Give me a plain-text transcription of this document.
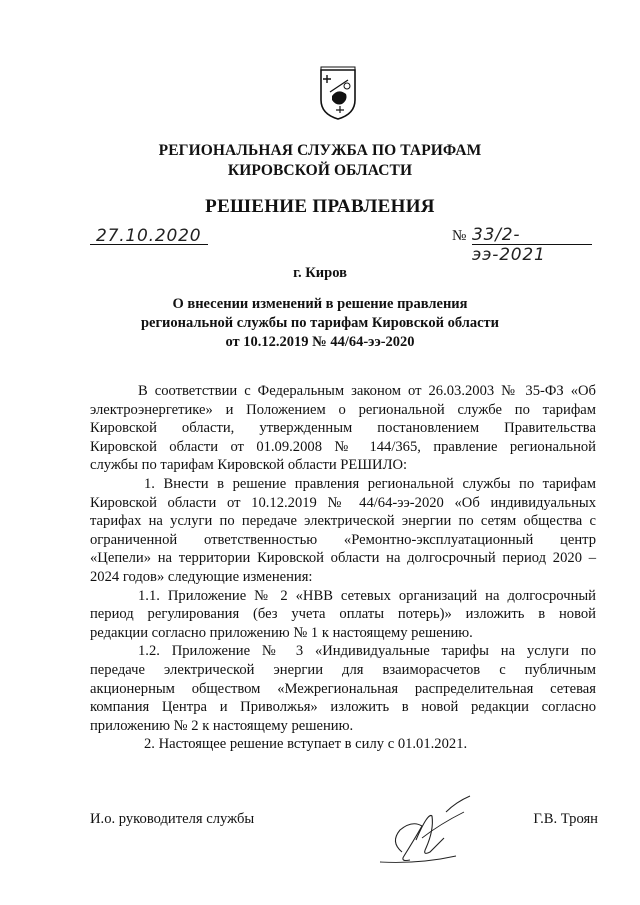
РЕГИОНАЛЬНАЯ СЛУЖБА ПО ТАРИФАМ
КИРОВСКОЙ ОБЛАСТИ
РЕШЕНИЕ ПРАВЛЕНИЯ
27.10.2020	№ 33/2-ээ-2021
г. Киров
О внесении изменений в решение правления
региональной службы по тарифам Кировской области
от 10.12.2019 № 44/64-ээ-2020

В соответствии с Федеральным законом от 26.03.2003 № 35-ФЗ «Об

электроэнергетике» и Положением о региональной службе по тарифам

Кировской области, утвержденным постановлением Правительства

Кировской области от 01.09.2008 № 144/365, правление региональной

службы по тарифам Кировской области РЕШИЛО:

1. Внести в решение правления региональной службы по тарифам

Кировской области от 10.12.2019 № 44/64-ээ-2020 «Об индивидуальных

тарифах на услуги по передаче электрической энергии по сетям общества с

ограниченной ответственностью «Ремонтно-эксплуатационный центр

«Цепели» на территории Кировской области на долгосрочный период 2020 –

2024 годов» следующие изменения:

1.1. Приложение № 2 «НВВ сетевых организаций на долгосрочный

период регулирования (без учета оплаты потерь)» изложить в новой

редакции согласно приложению № 1 к настоящему решению.

1.2. Приложение № 3 «Индивидуальные тарифы на услуги по

передаче электрической энергии для взаиморасчетов с публичным

акционерным обществом «Межрегиональная распределительная сетевая

компания Центра и Приволжья» изложить в новой редакции согласно

приложению № 2 к настоящему решению.

2. Настоящее решение вступает в силу с 01.01.2021.

И.о. руководителя службы	Г.В. Троян
